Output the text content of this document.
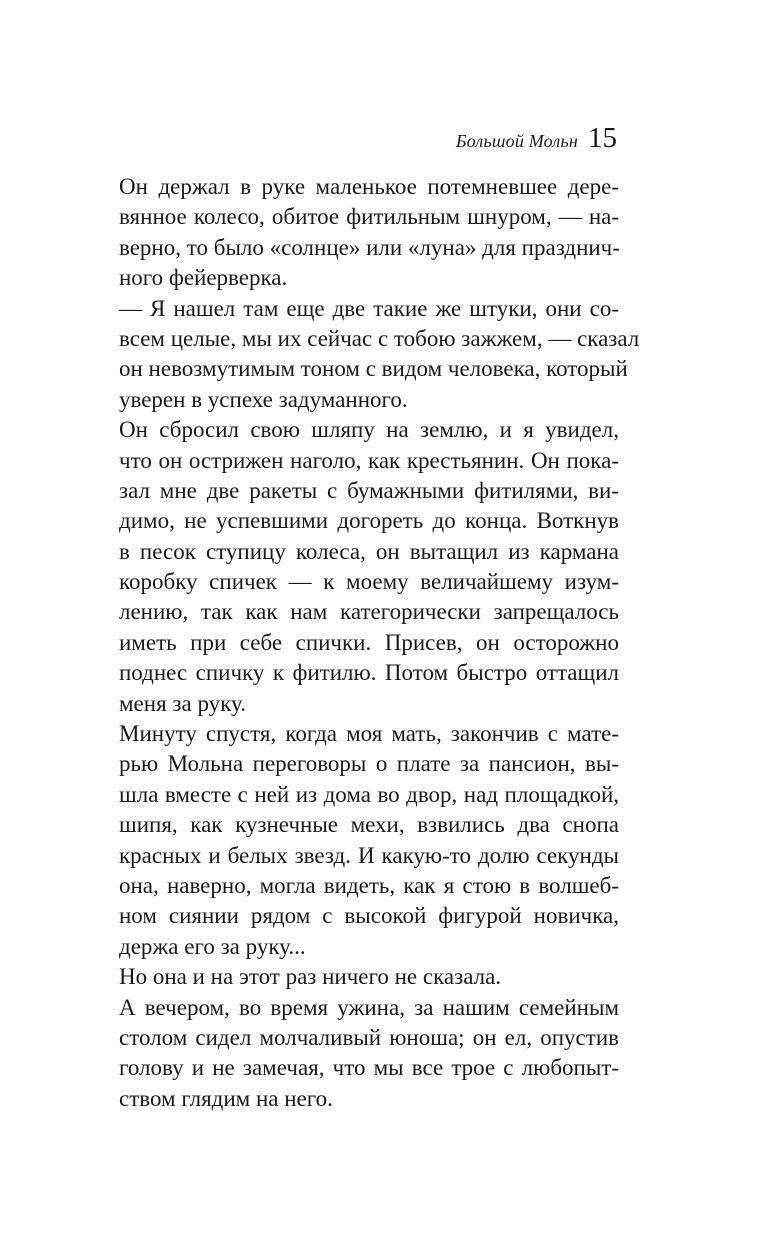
Большой Мольн 15
Он держал в руке маленькое потемневшее дере-
вянное колесо, обитое фитильным шнуром, — на-
верно, то было «солнце» или «луна» для празднич-
ного фейерверка.
— Я нашел там еще две такие же штуки, они со-
всем целые, мы их сейчас с тобою зажжем, — сказал
он невозмутимым тоном с видом человека, который
уверен в успехе задуманного.
Он сбросил свою шляпу на землю, и я увидел,
что он острижен наголо, как крестьянин. Он пока-
зал мне две ракеты с бумажными фитилями, ви-
димо, не успевшими догореть до конца. Воткнув
в песок ступицу колеса, он вытащил из кармана
коробку спичек — к моему величайшему изум-
лению, так как нам категорически запрещалось
иметь при себе спички. Присев, он осторожно
поднес спичку к фитилю. Потом быстро оттащил
меня за руку.
Минуту спустя, когда моя мать, закончив с мате-
рью Мольна переговоры о плате за пансион, вы-
шла вместе с ней из дома во двор, над площадкой,
шипя, как кузнечные мехи, взвились два снопа
красных и белых звезд. И какую-то долю секунды
она, наверно, могла видеть, как я стою в волшеб-
ном сиянии рядом с высокой фигурой новичка,
держа его за руку...
Но она и на этот раз ничего не сказала.
А вечером, во время ужина, за нашим семейным
столом сидел молчаливый юноша; он ел, опустив
голову и не замечая, что мы все трое с любопыт-
ством глядим на него.
